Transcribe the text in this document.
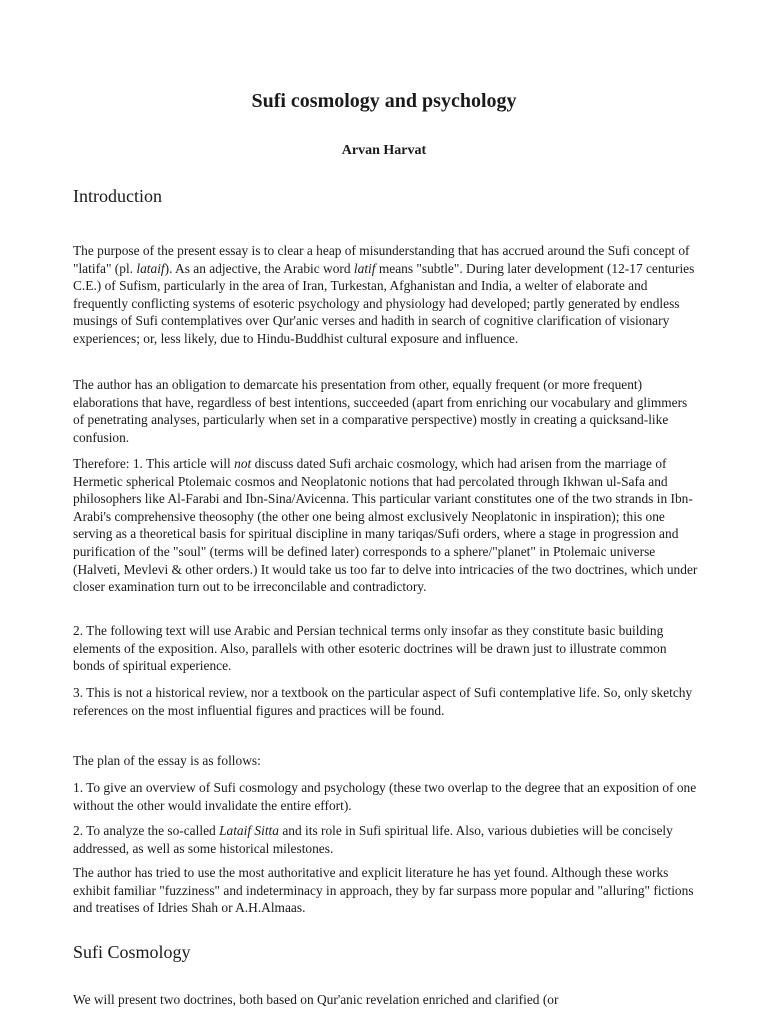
Sufi cosmology and psychology
Arvan Harvat
Introduction

The purpose of the present essay is to clear a heap of misunderstanding that has accrued around the Sufi concept of "latifa" (pl. lataif). As an adjective, the Arabic word latif means "subtle". During later development (12-17 centuries C.E.) of Sufism, particularly in the area of Iran, Turkestan, Afghanistan and India, a welter of elaborate and frequently conflicting systems of esoteric psychology and physiology had developed; partly generated by endless musings of Sufi contemplatives over Qur'anic verses and hadith in search of cognitive clarification of visionary experiences; or, less likely, due to Hindu-Buddhist cultural exposure and influence.

The author has an obligation to demarcate his presentation from other, equally frequent (or more frequent) elaborations that have, regardless of best intentions, succeeded (apart from enriching our vocabulary and glimmers of penetrating analyses, particularly when set in a comparative perspective) mostly in creating a quicksand-like confusion.

Therefore: 1. This article will not discuss dated Sufi archaic cosmology, which had arisen from the marriage of Hermetic spherical Ptolemaic cosmos and Neoplatonic notions that had percolated through Ikhwan ul-Safa and philosophers like Al-Farabi and Ibn-Sina/Avicenna. This particular variant constitutes one of the two strands in Ibn-Arabi's comprehensive theosophy (the other one being almost exclusively Neoplatonic in inspiration); this one serving as a theoretical basis for spiritual discipline in many tariqas/Sufi orders, where a stage in progression and purification of the "soul" (terms will be defined later) corresponds to a sphere/"planet" in Ptolemaic universe (Halveti, Mevlevi & other orders.) It would take us too far to delve into intricacies of the two doctrines, which under closer examination turn out to be irreconcilable and contradictory.

2. The following text will use Arabic and Persian technical terms only insofar as they constitute basic building elements of the exposition. Also, parallels with other esoteric doctrines will be drawn just to illustrate common bonds of spiritual experience.

3. This is not a historical review, nor a textbook on the particular aspect of Sufi contemplative life. So, only sketchy references on the most influential figures and practices will be found.

The plan of the essay is as follows:

1. To give an overview of Sufi cosmology and psychology (these two overlap to the degree that an exposition of one without the other would invalidate the entire effort).

2. To analyze the so-called Lataif Sitta and its role in Sufi spiritual life. Also, various dubieties will be concisely addressed, as well as some historical milestones.

The author has tried to use the most authoritative and explicit literature he has yet found. Although these works exhibit familiar "fuzziness" and indeterminacy in approach, they by far surpass more popular and "alluring" fictions and treatises of Idries Shah or A.H.Almaas.

Sufi Cosmology

We will present two doctrines, both based on Qur'anic revelation enriched and clarified (or
